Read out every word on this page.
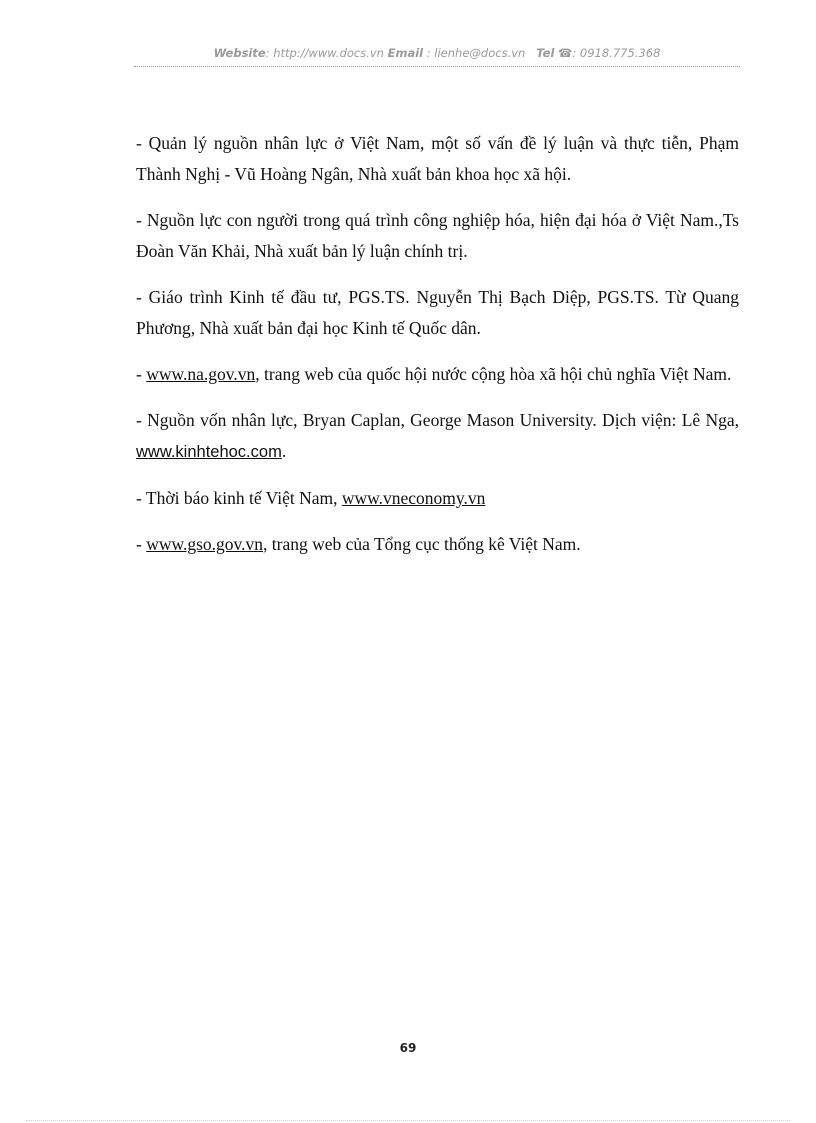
Website: http://www.docs.vn Email : lienhe@docs.vn Tel ☎: 0918.775.368

- Quản lý nguồn nhân lực ở Việt Nam, một số vấn đề lý luận và thực tiễn, Phạm Thành Nghị - Vũ Hoàng Ngân, Nhà xuất bản khoa học xã hội.

- Nguồn lực con người trong quá trình công nghiệp hóa, hiện đại hóa ở Việt Nam.,Ts Đoàn Văn Khải, Nhà xuất bản lý luận chính trị.

- Giáo trình Kinh tế đầu tư, PGS.TS. Nguyễn Thị Bạch Diệp, PGS.TS. Từ Quang Phương, Nhà xuất bản đại học Kinh tế Quốc dân.

- www.na.gov.vn, trang web của quốc hội nước cộng hòa xã hội chủ nghĩa Việt Nam.

- Nguồn vốn nhân lực, Bryan Caplan, George Mason University. Dịch viện: Lê Nga, www.kinhtehoc.com.

- Thời báo kinh tế Việt Nam, www.vneconomy.vn

- www.gso.gov.vn, trang web của Tổng cục thống kê Việt Nam.

69
